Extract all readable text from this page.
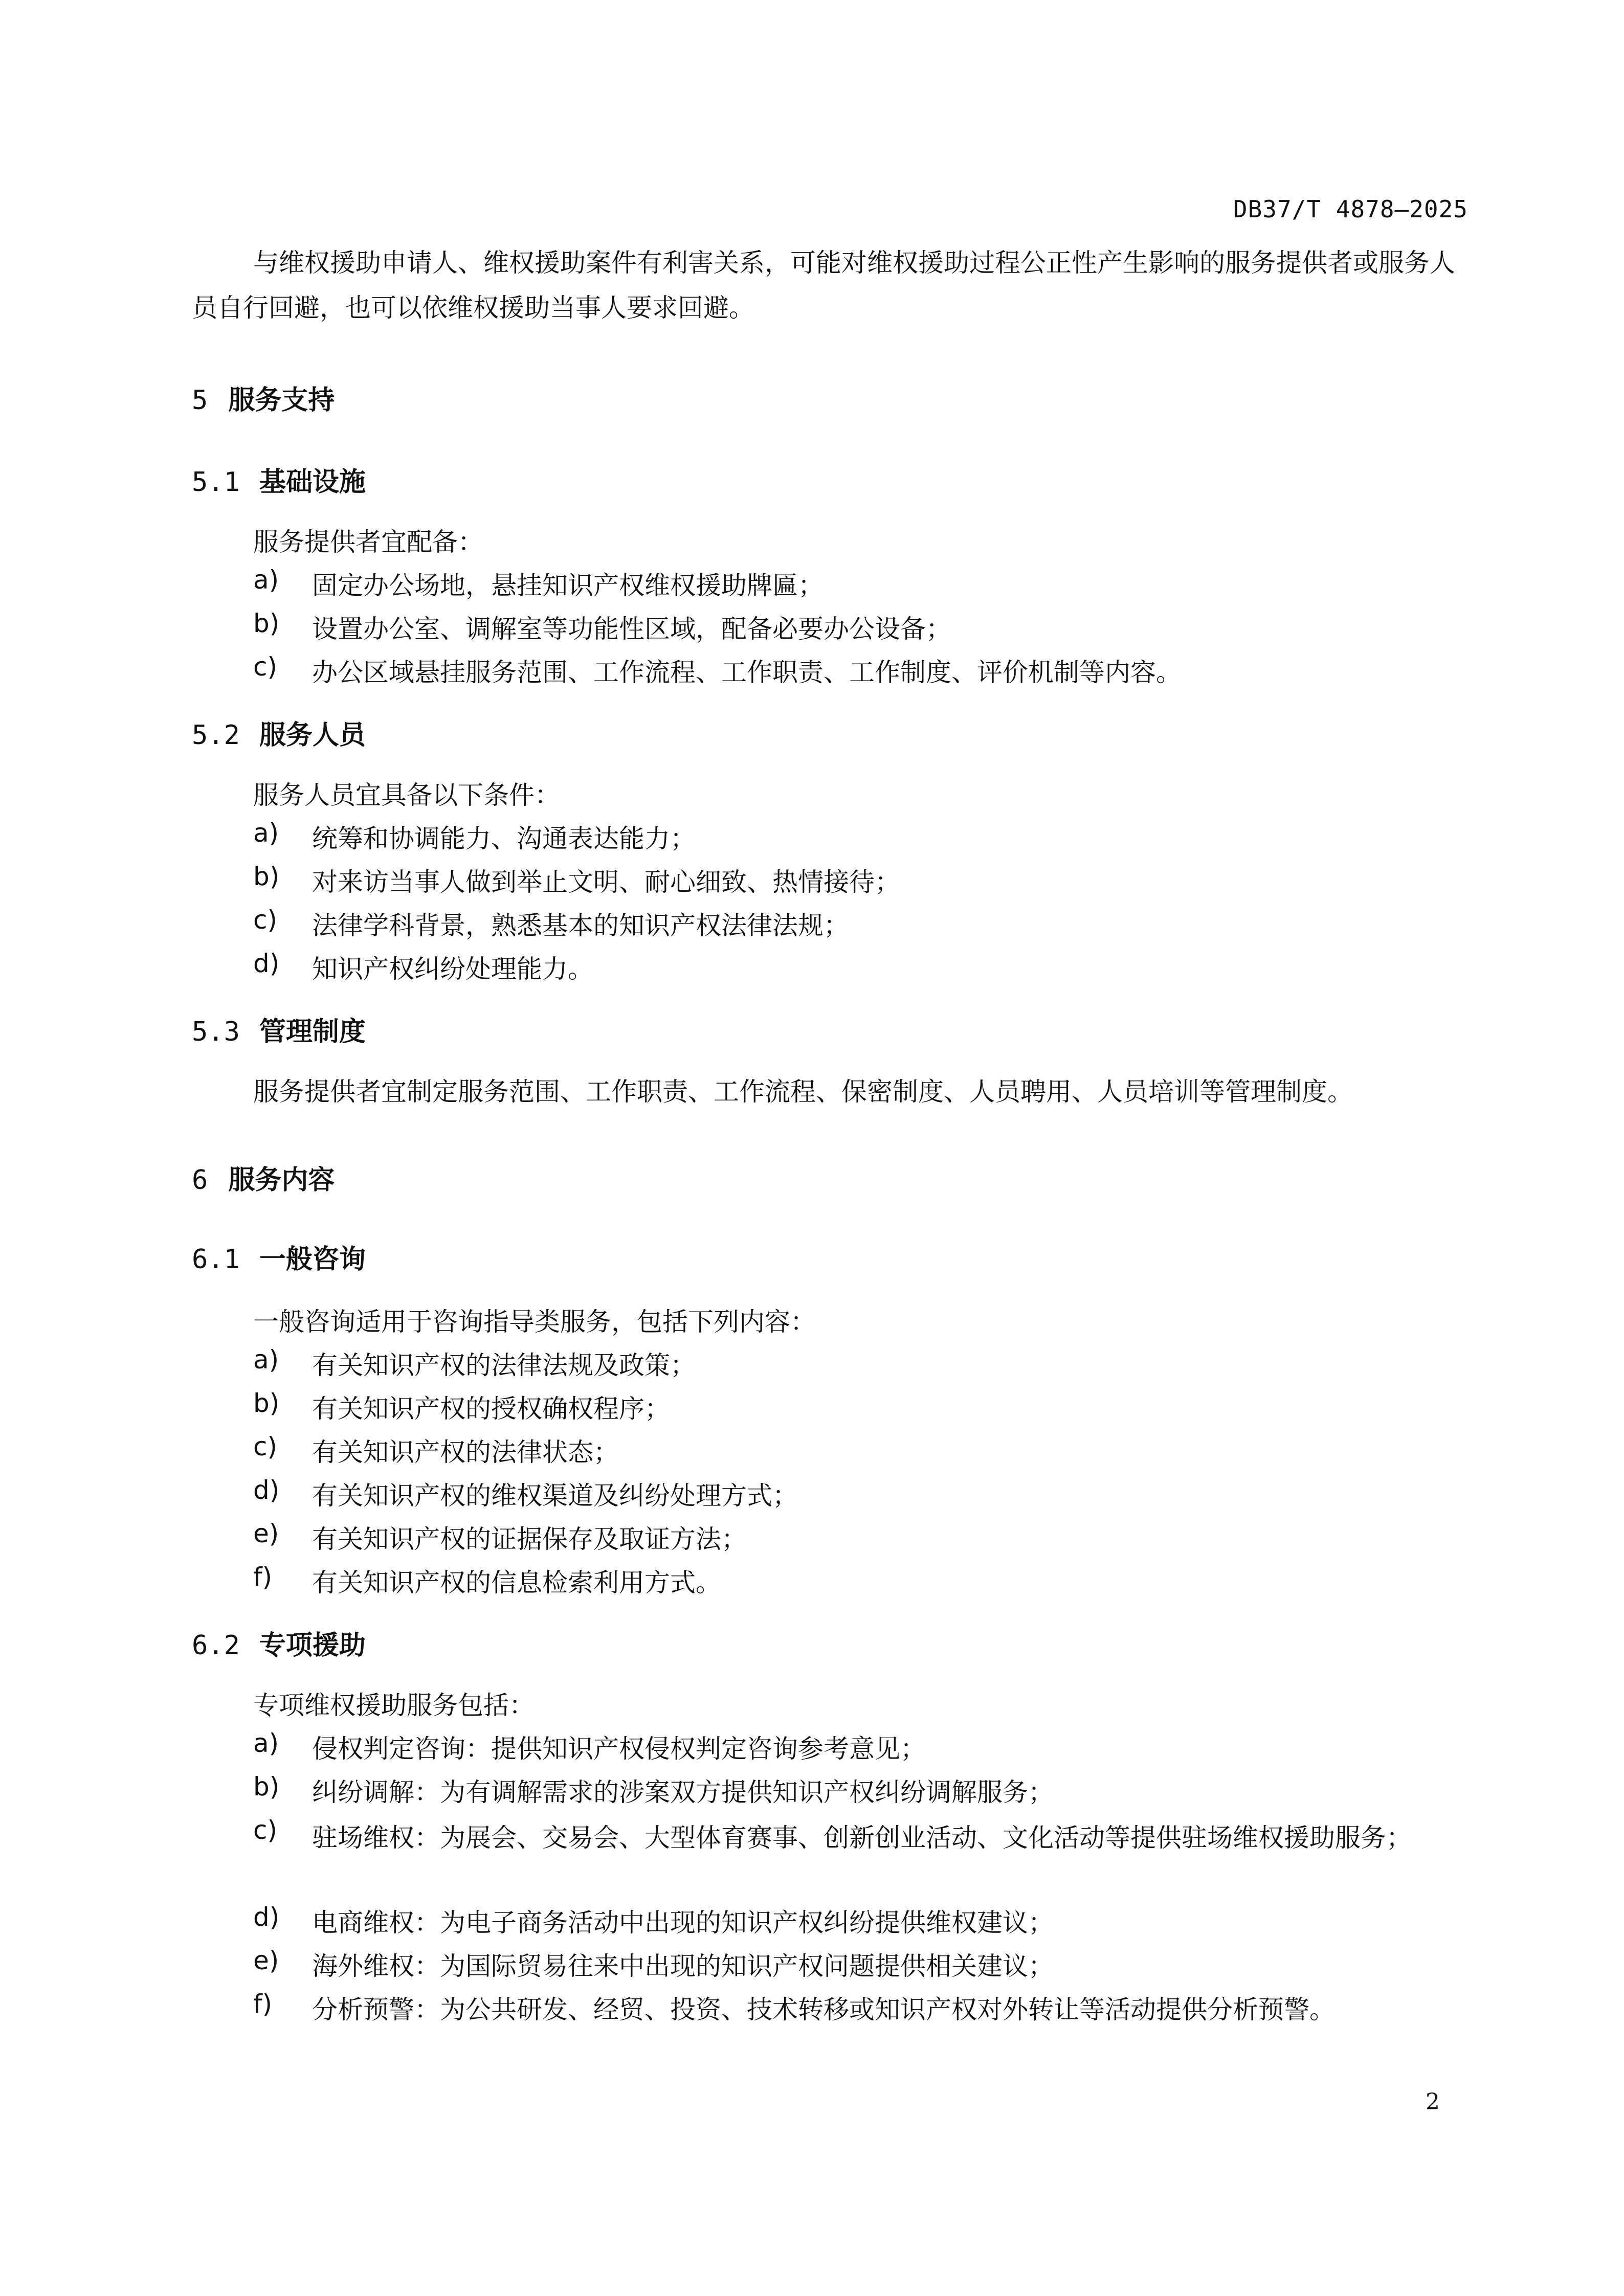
DB37/T 4878—2025
与维权援助申请人、维权援助案件有利害关系，可能对维权援助过程公正性产生影响的服务提供者或服务人员自行回避，也可以依维权援助当事人要求回避。
5 服务支持
5.1 基础设施
服务提供者宜配备：
a) 固定办公场地，悬挂知识产权维权援助牌匾；
b) 设置办公室、调解室等功能性区域，配备必要办公设备；
c) 办公区域悬挂服务范围、工作流程、工作职责、工作制度、评价机制等内容。
5.2 服务人员
服务人员宜具备以下条件：
a) 统筹和协调能力、沟通表达能力；
b) 对来访当事人做到举止文明、耐心细致、热情接待；
c) 法律学科背景，熟悉基本的知识产权法律法规；
d) 知识产权纠纷处理能力。
5.3 管理制度
服务提供者宜制定服务范围、工作职责、工作流程、保密制度、人员聘用、人员培训等管理制度。
6 服务内容
6.1 一般咨询
一般咨询适用于咨询指导类服务，包括下列内容：
a) 有关知识产权的法律法规及政策；
b) 有关知识产权的授权确权程序；
c) 有关知识产权的法律状态；
d) 有关知识产权的维权渠道及纠纷处理方式；
e) 有关知识产权的证据保存及取证方法；
f) 有关知识产权的信息检索利用方式。
6.2 专项援助
专项维权援助服务包括：
a) 侵权判定咨询：提供知识产权侵权判定咨询参考意见；
b) 纠纷调解：为有调解需求的涉案双方提供知识产权纠纷调解服务；
c) 驻场维权：为展会、交易会、大型体育赛事、创新创业活动、文化活动等提供驻场维权援助服务；
d) 电商维权：为电子商务活动中出现的知识产权纠纷提供维权建议；
e) 海外维权：为国际贸易往来中出现的知识产权问题提供相关建议；
f) 分析预警：为公共研发、经贸、投资、技术转移或知识产权对外转让等活动提供分析预警。
2
